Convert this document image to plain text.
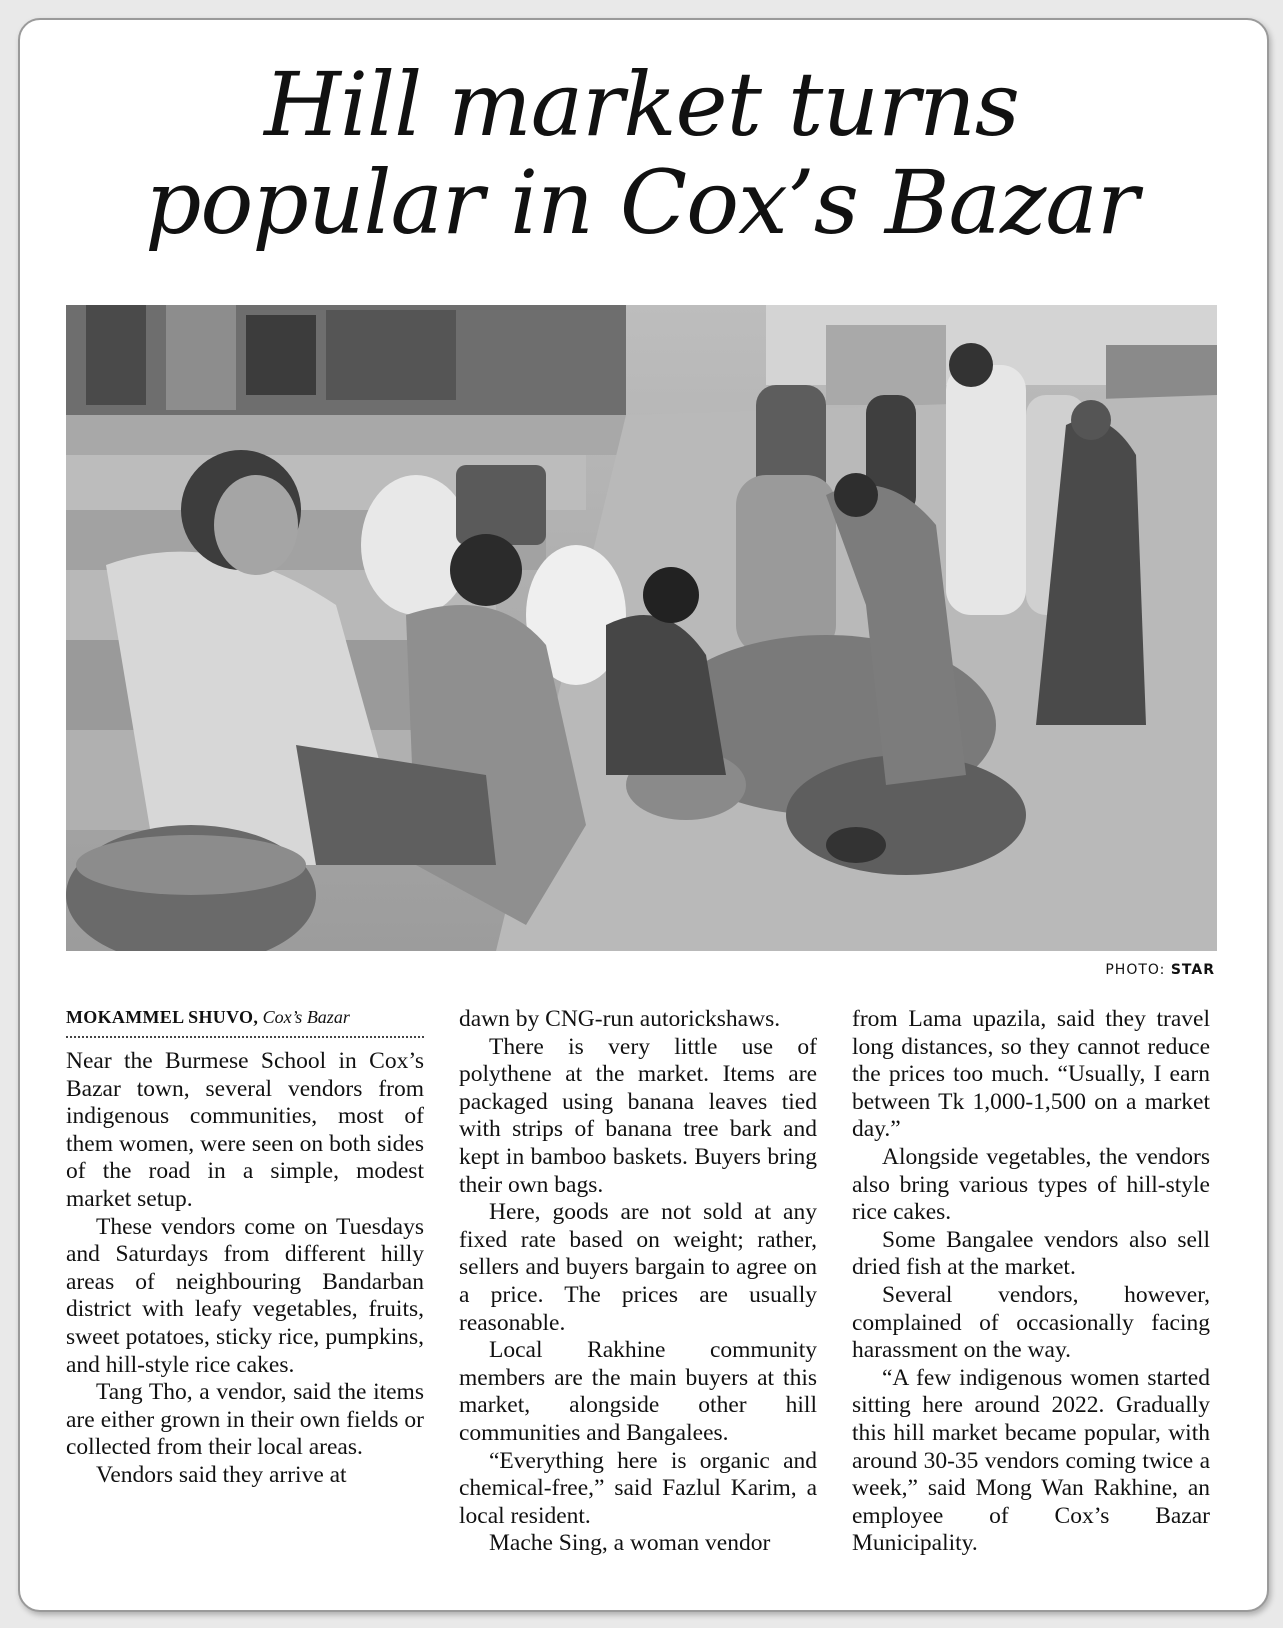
Hill market turns
popular in Cox’s Bazar
PHOTO: STAR
MOKAMMEL SHUVO, Cox’s Bazar

Near the Burmese School in Cox’s Bazar town, several vendors from indigenous communities, most of them women, were seen on both sides of the road in a simple, modest market setup.

These vendors come on Tuesdays and Saturdays from different hilly areas of neighbouring Bandarban district with leafy vegetables, fruits, sweet potatoes, sticky rice, pumpkins, and hill-style rice cakes.

Tang Tho, a vendor, said the items are either grown in their own fields or collected from their local areas.

Vendors said they arrive at

dawn by CNG-run autorickshaws.

There is very little use of polythene at the market. Items are packaged using banana leaves tied with strips of banana tree bark and kept in bamboo baskets. Buyers bring their own bags.

Here, goods are not sold at any fixed rate based on weight; rather, sellers and buyers bargain to agree on a price. The prices are usually reasonable.

Local Rakhine community members are the main buyers at this market, alongside other hill communities and Bangalees.

“Everything here is organic and chemical-free,” said Fazlul Karim, a local resident.

Mache Sing, a woman vendor

from Lama upazila, said they travel long distances, so they cannot reduce the prices too much. “Usually, I earn between Tk 1,000-1,500 on a market day.”

Alongside vegetables, the vendors also bring various types of hill-style rice cakes.

Some Bangalee vendors also sell dried fish at the market.

Several vendors, however, complained of occasionally facing harassment on the way.

“A few indigenous women started sitting here around 2022. Gradually this hill market became popular, with around 30-35 vendors coming twice a week,” said Mong Wan Rakhine, an employee of Cox’s Bazar Municipality.
